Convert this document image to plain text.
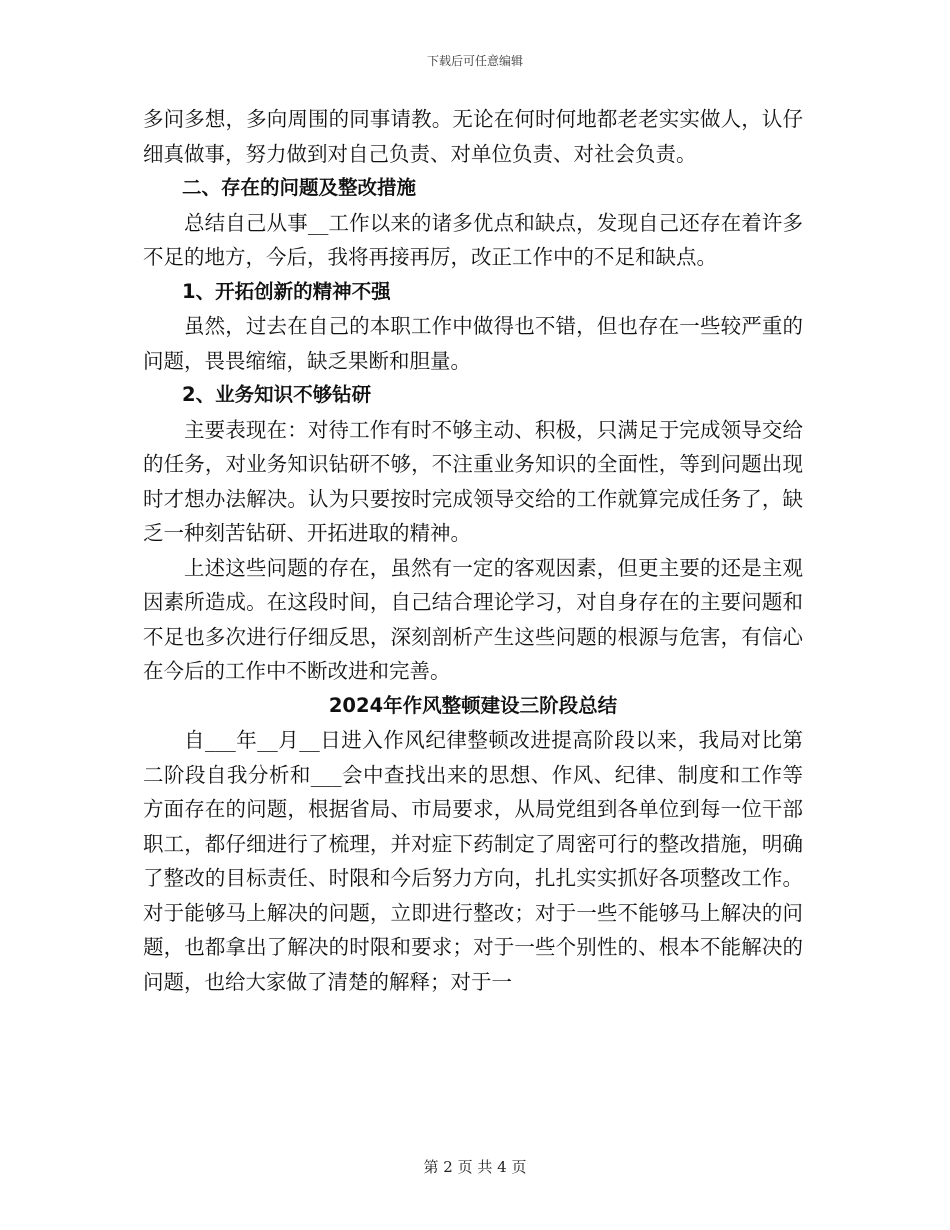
下载后可任意编辑

多问多想，多向周围的同事请教。无论在何时何地都老老实实做人，认仔细真做事，努力做到对自己负责、对单位负责、对社会负责。

二、存在的问题及整改措施

总结自己从事__工作以来的诸多优点和缺点，发现自己还存在着许多不足的地方，今后，我将再接再厉，改正工作中的不足和缺点。

1、开拓创新的精神不强

虽然，过去在自己的本职工作中做得也不错，但也存在一些较严重的问题，畏畏缩缩，缺乏果断和胆量。

2、业务知识不够钻研

主要表现在：对待工作有时不够主动、积极，只满足于完成领导交给的任务，对业务知识钻研不够，不注重业务知识的全面性，等到问题出现时才想办法解决。认为只要按时完成领导交给的工作就算完成任务了，缺乏一种刻苦钻研、开拓进取的精神。

上述这些问题的存在，虽然有一定的客观因素，但更主要的还是主观因素所造成。在这段时间，自己结合理论学习，对自身存在的主要问题和不足也多次进行仔细反思，深刻剖析产生这些问题的根源与危害，有信心在今后的工作中不断改进和完善。

2024年作风整顿建设三阶段总结

自___年__月__日进入作风纪律整顿改进提高阶段以来，我局对比第二阶段自我分析和___会中查找出来的思想、作风、纪律、制度和工作等方面存在的问题，根据省局、市局要求，从局党组到各单位到每一位干部职工，都仔细进行了梳理，并对症下药制定了周密可行的整改措施，明确了整改的目标责任、时限和今后努力方向，扎扎实实抓好各项整改工作。对于能够马上解决的问题，立即进行整改；对于一些不能够马上解决的问题，也都拿出了解决的时限和要求；对于一些个别性的、根本不能解决的问题，也给大家做了清楚的解释；对于一

第 2 页 共 4 页
